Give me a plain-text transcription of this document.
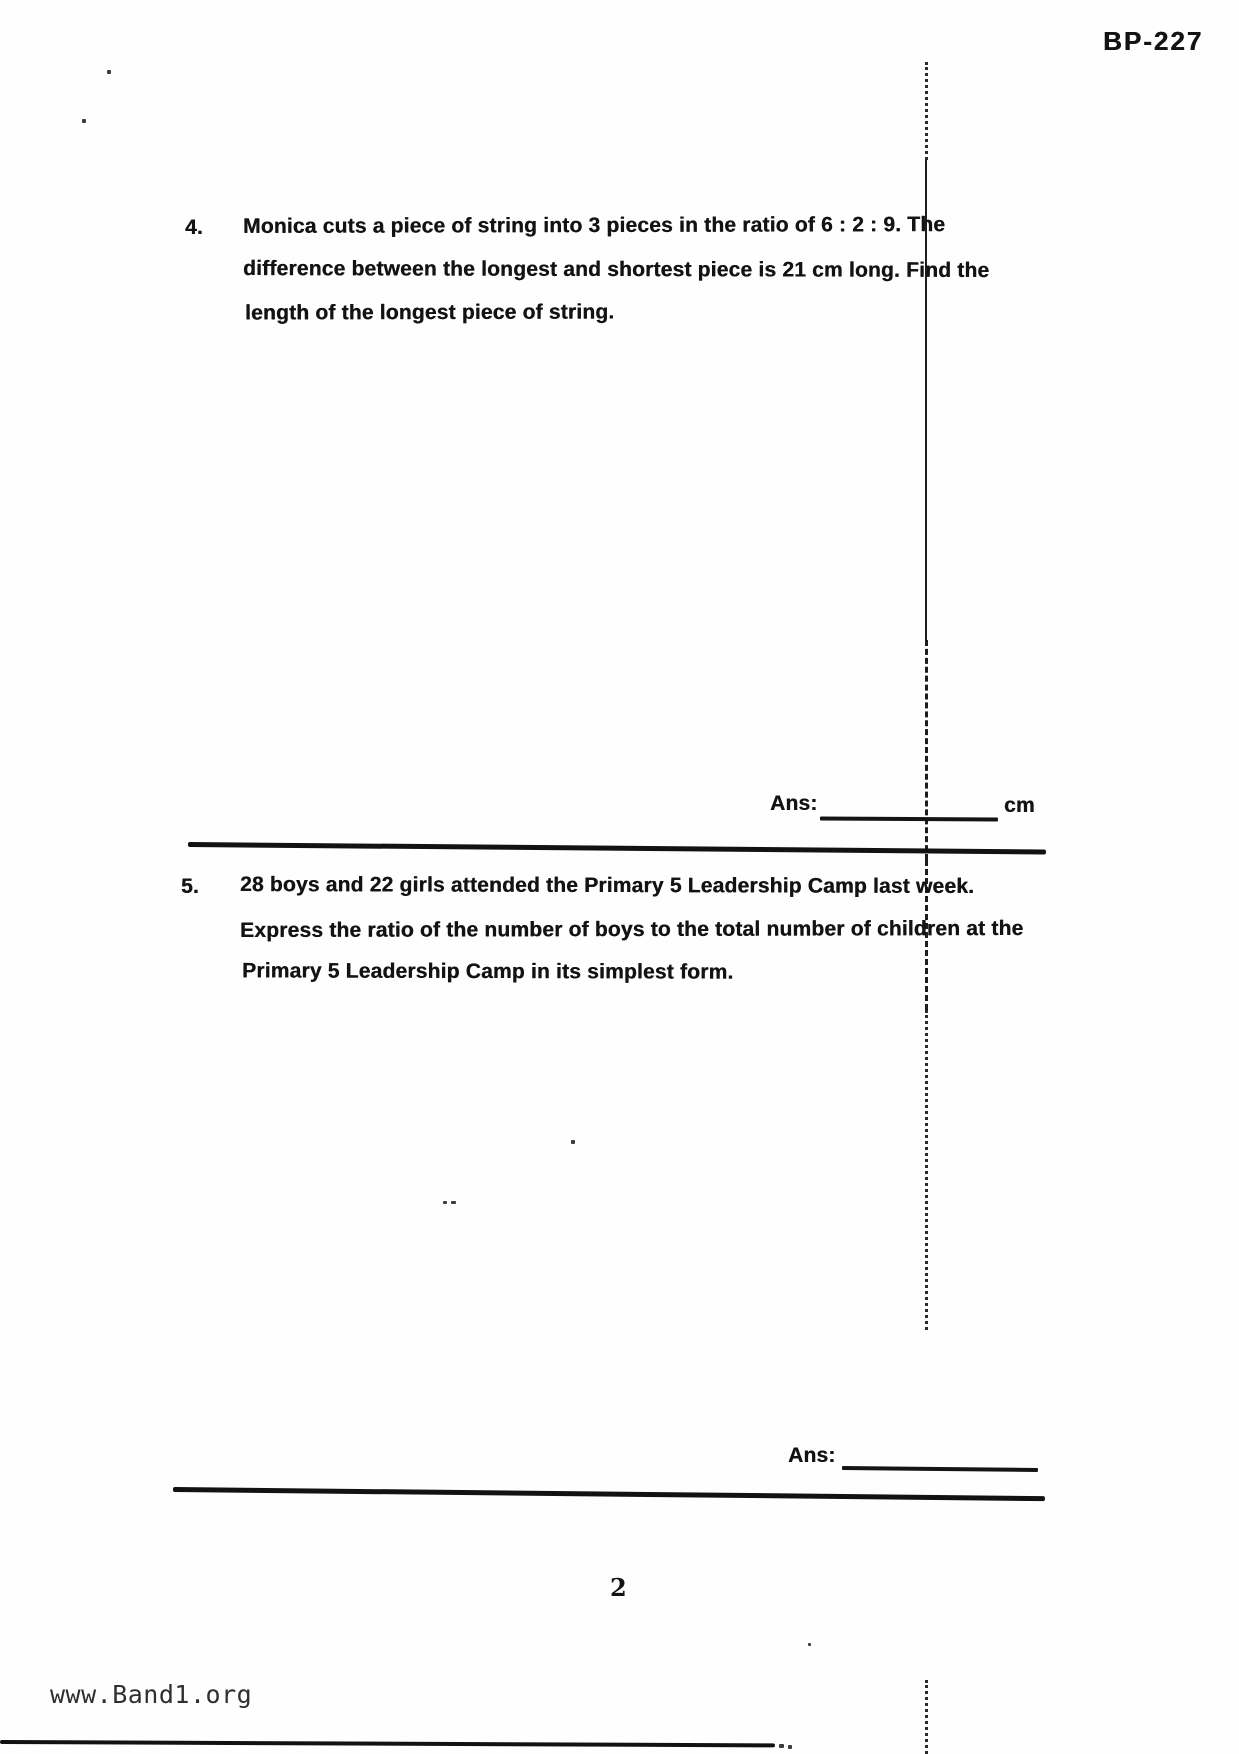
BP-227
4. Monica cuts a piece of string into 3 pieces in the ratio of 6 : 2 : 9. The
difference between the longest and shortest piece is 21 cm long. Find the
length of the longest piece of string.
Ans:	cm
5. 28 boys and 22 girls attended the Primary 5 Leadership Camp last week.
Express the ratio of the number of boys to the total number of children at the
Primary 5 Leadership Camp in its simplest form.
Ans:
2
www.Band1.org
